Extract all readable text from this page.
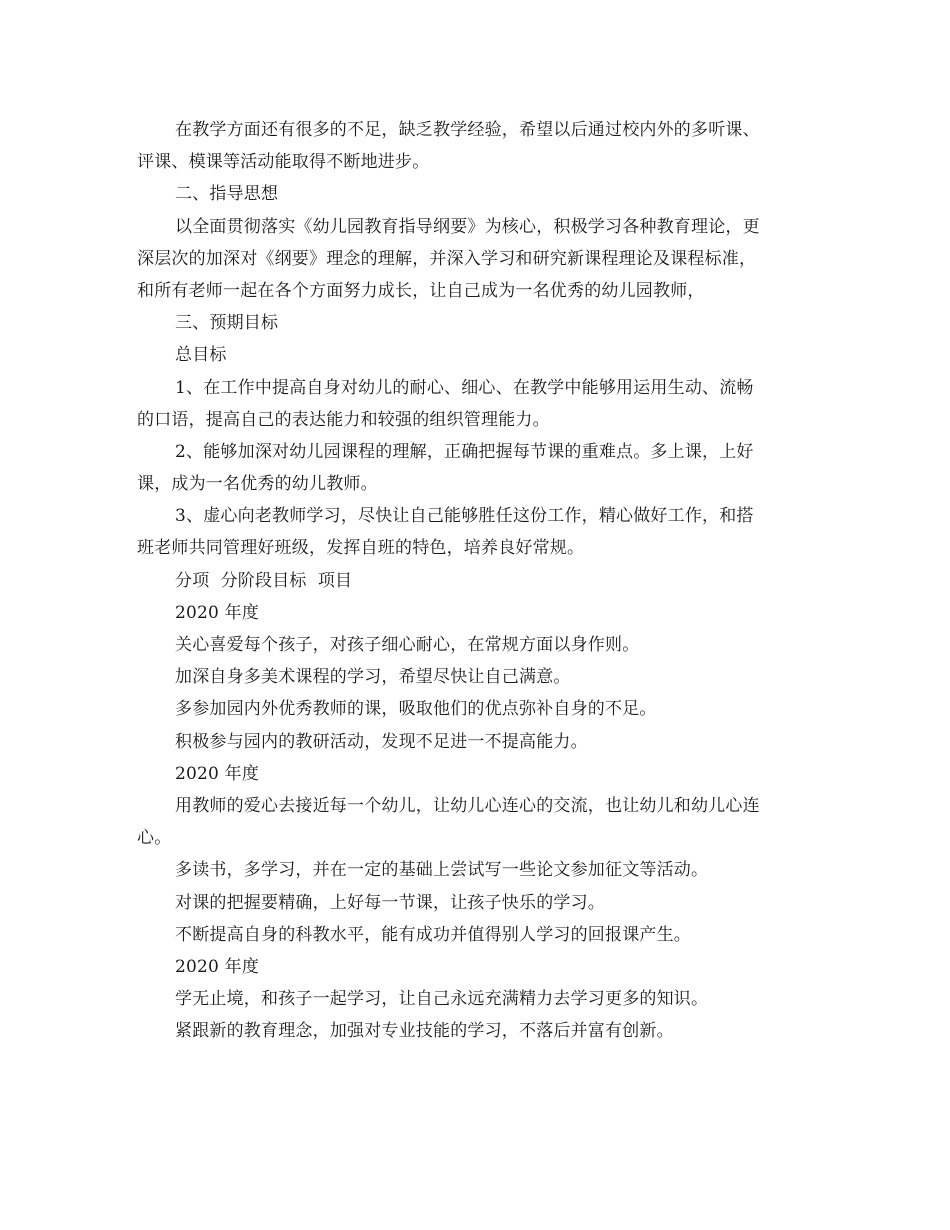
在教学方面还有很多的不足，缺乏教学经验，希望以后通过校内外的多听课、
评课、模课等活动能取得不断地进步。
二、指导思想
以全面贯彻落实《幼儿园教育指导纲要》为核心，积极学习各种教育理论，更
深层次的加深对《纲要》理念的理解，并深入学习和研究新课程理论及课程标准，
和所有老师一起在各个方面努力成长，让自己成为一名优秀的幼儿园教师，
三、预期目标
总目标
1、在工作中提高自身对幼儿的耐心、细心、在教学中能够用运用生动、流畅
的口语，提高自己的表达能力和较强的组织管理能力。
2、能够加深对幼儿园课程的理解，正确把握每节课的重难点。多上课，上好
课，成为一名优秀的幼儿教师。
3、虚心向老教师学习，尽快让自己能够胜任这份工作，精心做好工作，和搭
班老师共同管理好班级，发挥自班的特色，培养良好常规。
分项  分阶段目标  项目
2020 年度
关心喜爱每个孩子，对孩子细心耐心，在常规方面以身作则。
加深自身多美术课程的学习，希望尽快让自己满意。
多参加园内外优秀教师的课，吸取他们的优点弥补自身的不足。
积极参与园内的教研活动，发现不足进一不提高能力。
2020 年度
用教师的爱心去接近每一个幼儿，让幼儿心连心的交流，也让幼儿和幼儿心连
心。
多读书，多学习，并在一定的基础上尝试写一些论文参加征文等活动。
对课的把握要精确，上好每一节课，让孩子快乐的学习。
不断提高自身的科教水平，能有成功并值得别人学习的回报课产生。
2020 年度
学无止境，和孩子一起学习，让自己永远充满精力去学习更多的知识。
紧跟新的教育理念，加强对专业技能的学习，不落后并富有创新。
